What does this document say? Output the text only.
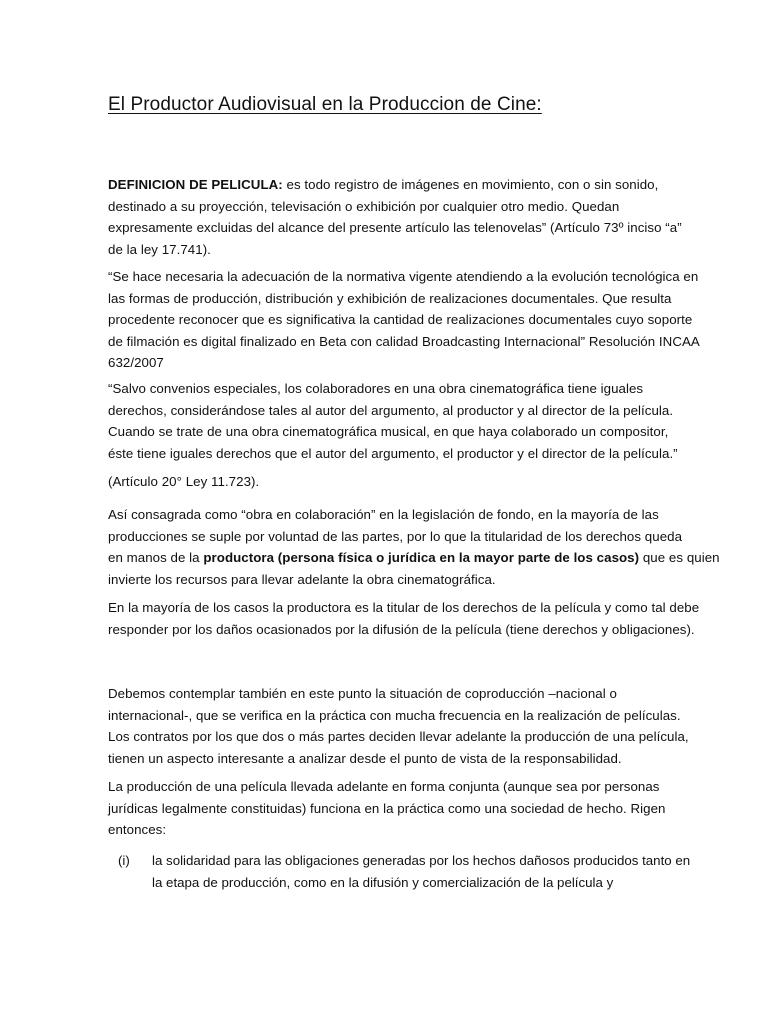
El Productor Audiovisual en la Produccion de Cine:
DEFINICION DE PELICULA: es todo registro de imágenes en movimiento, con o sin sonido,
destinado a su proyección, televisación o exhibición por cualquier otro medio. Quedan
expresamente excluidas del alcance del presente artículo las telenovelas” (Artículo 73º inciso “a”
de la ley 17.741).
“Se hace necesaria la adecuación de la normativa vigente atendiendo a la evolución tecnológica en
las formas de producción, distribución y exhibición de realizaciones documentales. Que resulta
procedente reconocer que es significativa la cantidad de realizaciones documentales cuyo soporte
de filmación es digital finalizado en Beta con calidad Broadcasting Internacional” Resolución INCAA
632/2007
“Salvo convenios especiales, los colaboradores en una obra cinematográfica tiene iguales
derechos, considerándose tales al autor del argumento, al productor y al director de la película.
Cuando se trate de una obra cinematográfica musical, en que haya colaborado un compositor,
éste tiene iguales derechos que el autor del argumento, el productor y el director de la película.”
(Artículo 20° Ley 11.723).
Así consagrada como “obra en colaboración” en la legislación de fondo, en la mayoría de las
producciones se suple por voluntad de las partes, por lo que la titularidad de los derechos queda
en manos de la productora (persona física o jurídica en la mayor parte de los casos) que es quien
invierte los recursos para llevar adelante la obra cinematográfica.
En la mayoría de los casos la productora es la titular de los derechos de la película y como tal debe
responder por los daños ocasionados por la difusión de la película (tiene derechos y obligaciones).
Debemos contemplar también en este punto la situación de coproducción –nacional o
internacional-, que se verifica en la práctica con mucha frecuencia en la realización de películas.
Los contratos por los que dos o más partes deciden llevar adelante la producción de una película,
tienen un aspecto interesante a analizar desde el punto de vista de la responsabilidad.
La producción de una película llevada adelante en forma conjunta (aunque sea por personas
jurídicas legalmente constituidas) funciona en la práctica como una sociedad de hecho. Rigen
entonces:
(i) la solidaridad para las obligaciones generadas por los hechos dañosos producidos tanto en
la etapa de producción, como en la difusión y comercialización de la película y
